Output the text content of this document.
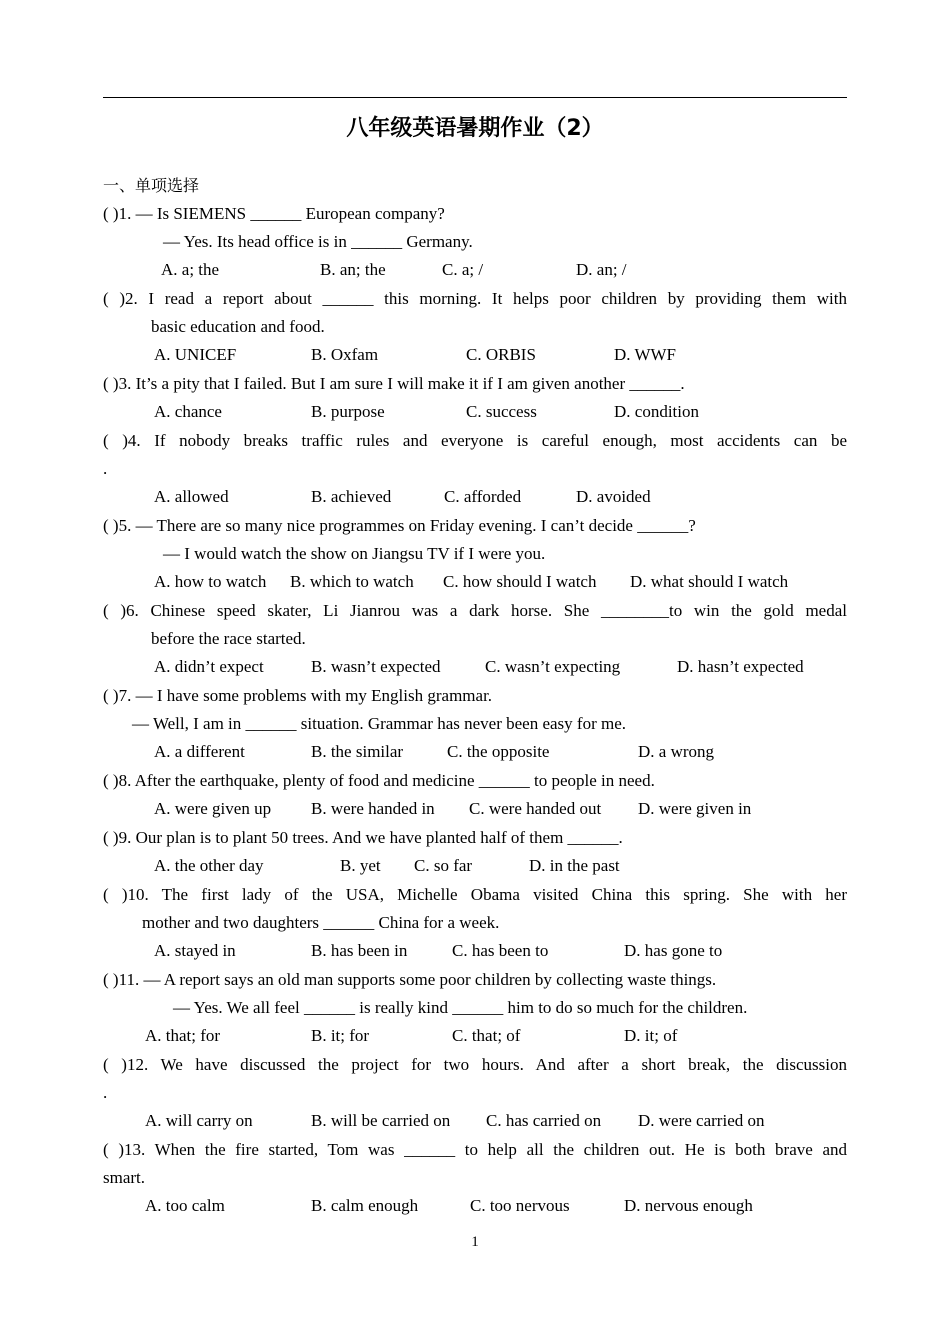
八年级英语暑期作业（2）
一、单项选择
( )1. — Is SIEMENS ______ European company?
— Yes. Its head office is in ______ Germany.
A. a; the	B. an; the	C. a; /	D. an; /
( )2. I read a report about ______ this morning. It helps poor children by providing them with
basic education and food.
A. UNICEF	B. Oxfam	C. ORBIS	D. WWF
( )3. It’s a pity that I failed. But I am sure I will make it if I am given another ______.
A. chance	B. purpose	C. success	D. condition
( )4. If nobody breaks traffic rules and everyone is careful enough, most accidents can be
.
A. allowed	B. achieved	C. afforded	D. avoided
( )5. — There are so many nice programmes on Friday evening. I can’t decide ______?
— I would watch the show on Jiangsu TV if I were you.
A. how to watch B. which to watch C. how should I watch D. what should I watch
( )6. Chinese speed skater, Li Jianrou was a dark horse. She ________to win the gold medal
before the race started.
A. didn’t expect	B. wasn’t expected	C. wasn’t expecting	D. hasn’t expected
( )7. — I have some problems with my English grammar.
— Well, I am in ______ situation. Grammar has never been easy for me.
A. a different	B. the similar	C. the opposite	D. a wrong
( )8. After the earthquake, plenty of food and medicine ______ to people in need.
A. were given up B. were handed in C. were handed out D. were given in
( )9. Our plan is to plant 50 trees. And we have planted half of them ______.
A. the other day	B. yet C. so far	D. in the past
( )10. The first lady of the USA, Michelle Obama visited China this spring. She with her
mother and two daughters ______ China for a week.
A. stayed in	B. has been in	C. has been to	D. has gone to
( )11. — A report says an old man supports some poor children by collecting waste things.
— Yes. We all feel ______ is really kind ______ him to do so much for the children.
A. that; for	B. it; for	C. that; of	D. it; of
( )12. We have discussed the project for two hours. And after a short break, the discussion
.
A. will carry on	B. will be carried on C. has carried on D. were carried on
( )13. When the fire started, Tom was ______ to help all the children out. He is both brave and
smart.
A. too calm	B. calm enough	C. too nervous	D. nervous enough
1
